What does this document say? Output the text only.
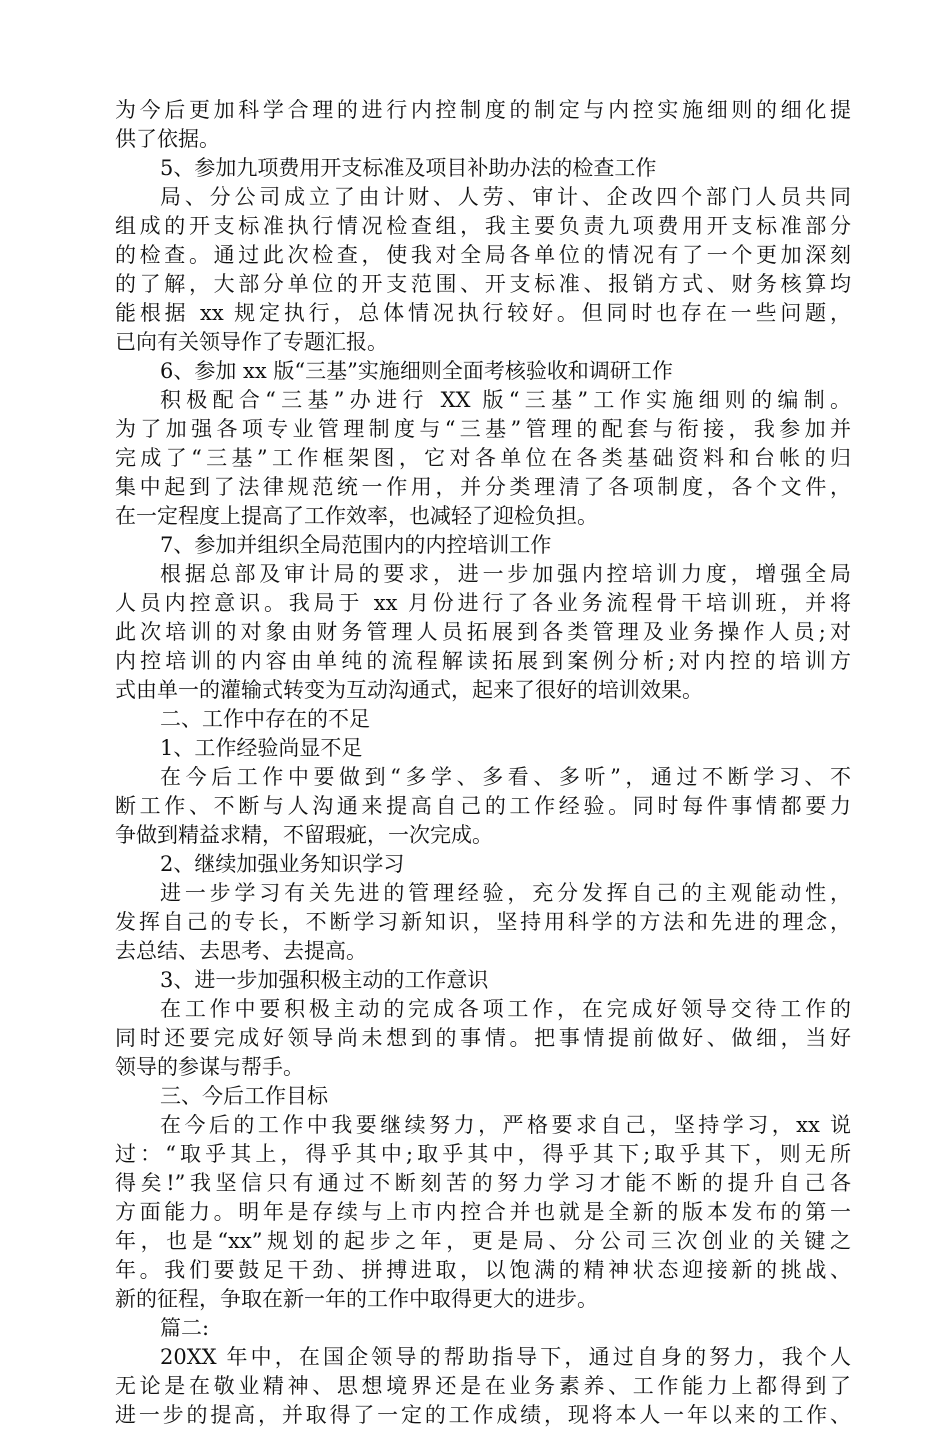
为今后更加科学合理的进行内控制度的制定与内控实施细则的细化提
供了依据。
5、参加九项费用开支标准及项目补助办法的检查工作
局、分公司成立了由计财、人劳、审计、企改四个部门人员共同
组成的开支标准执行情况检查组，我主要负责九项费用开支标准部分
的检查。通过此次检查，使我对全局各单位的情况有了一个更加深刻
的了解，大部分单位的开支范围、开支标准、报销方式、财务核算均
能根据 xx 规定执行，总体情况执行较好。但同时也存在一些问题，
已向有关领导作了专题汇报。
6、参加 xx 版“三基”实施细则全面考核验收和调研工作
积极配合“三基”办进行 XX 版“三基”工作实施细则的编制。
为了加强各项专业管理制度与“三基”管理的配套与衔接，我参加并
完成了“三基”工作框架图，它对各单位在各类基础资料和台帐的归
集中起到了法律规范统一作用，并分类理清了各项制度，各个文件，
在一定程度上提高了工作效率，也减轻了迎检负担。
7、参加并组织全局范围内的内控培训工作
根据总部及审计局的要求，进一步加强内控培训力度，增强全局
人员内控意识。我局于 xx 月份进行了各业务流程骨干培训班，并将
此次培训的对象由财务管理人员拓展到各类管理及业务操作人员;对
内控培训的内容由单纯的流程解读拓展到案例分析;对内控的培训方
式由单一的灌输式转变为互动沟通式，起来了很好的培训效果。
二、工作中存在的不足
1、工作经验尚显不足
在今后工作中要做到“多学、多看、多听”，通过不断学习、不
断工作、不断与人沟通来提高自己的工作经验。同时每件事情都要力
争做到精益求精，不留瑕疵，一次完成。
2、继续加强业务知识学习
进一步学习有关先进的管理经验，充分发挥自己的主观能动性，
发挥自己的专长，不断学习新知识，坚持用科学的方法和先进的理念，
去总结、去思考、去提高。
3、进一步加强积极主动的工作意识
在工作中要积极主动的完成各项工作，在完成好领导交待工作的
同时还要完成好领导尚未想到的事情。把事情提前做好、做细，当好
领导的参谋与帮手。
三、今后工作目标
在今后的工作中我要继续努力，严格要求自己，坚持学习，xx 说
过：“取乎其上，得乎其中;取乎其中，得乎其下;取乎其下，则无所
得矣!”我坚信只有通过不断刻苦的努力学习才能不断的提升自己各
方面能力。明年是存续与上市内控合并也就是全新的版本发布的第一
年，也是“xx”规划的起步之年，更是局、分公司三次创业的关键之
年。我们要鼓足干劲、拼搏进取，以饱满的精神状态迎接新的挑战、
新的征程，争取在新一年的工作中取得更大的进步。
篇二:
20XX 年中，在国企领导的帮助指导下，通过自身的努力，我个人
无论是在敬业精神、思想境界还是在业务素养、工作能力上都得到了
进一步的提高，并取得了一定的工作成绩，现将本人一年以来的工作、
